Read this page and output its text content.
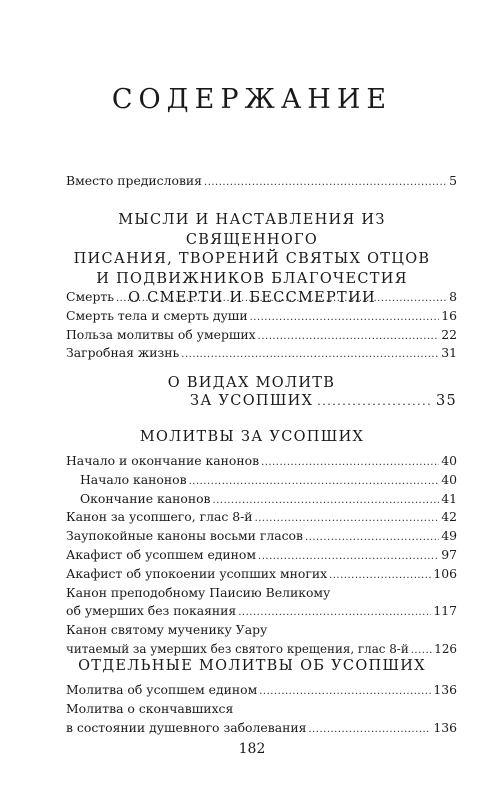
СОДЕРЖАНИЕ
Вместо предисловия .....	5
МЫСЛИ И НАСТАВЛЕНИЯ ИЗ СВЯЩЕННОГО
ПИСАНИЯ, ТВОРЕНИЙ СВЯТЫХ ОТЦОВ
И ПОДВИЖНИКОВ БЛАГОЧЕСТИЯ
О СМЕРТИ И БЕССМЕРТИИ
Смерть .....	8
Смерть тела и смерть души .....	16
Польза молитвы об умерших .....	22
Загробная жизнь .....	31
О ВИДАХ МОЛИТВ
ЗА УСОПШИХ .....	35
МОЛИТВЫ ЗА УСОПШИХ
Начало и окончание канонов .....	40
Начало канонов .....	40
Окончание канонов .....	41
Канон за усопшего, глас 8-й .....	42
Заупокойные каноны восьми гласов .....	49
Акафист об усопшем едином .....	97
Акафист об упокоении усопших многих .....	106
Канон преподобному Паисию Великому
об умерших без покаяния .....	117
Канон святому мученику Уару
читаемый за умерших без святого крещения, глас 8-й ..... 126
ОТДЕЛЬНЫЕ МОЛИТВЫ ОБ УСОПШИХ
Молитва об усопшем едином .....	136
Молитва о скончавшихся
в состоянии душевного заболевания .....	136
182
